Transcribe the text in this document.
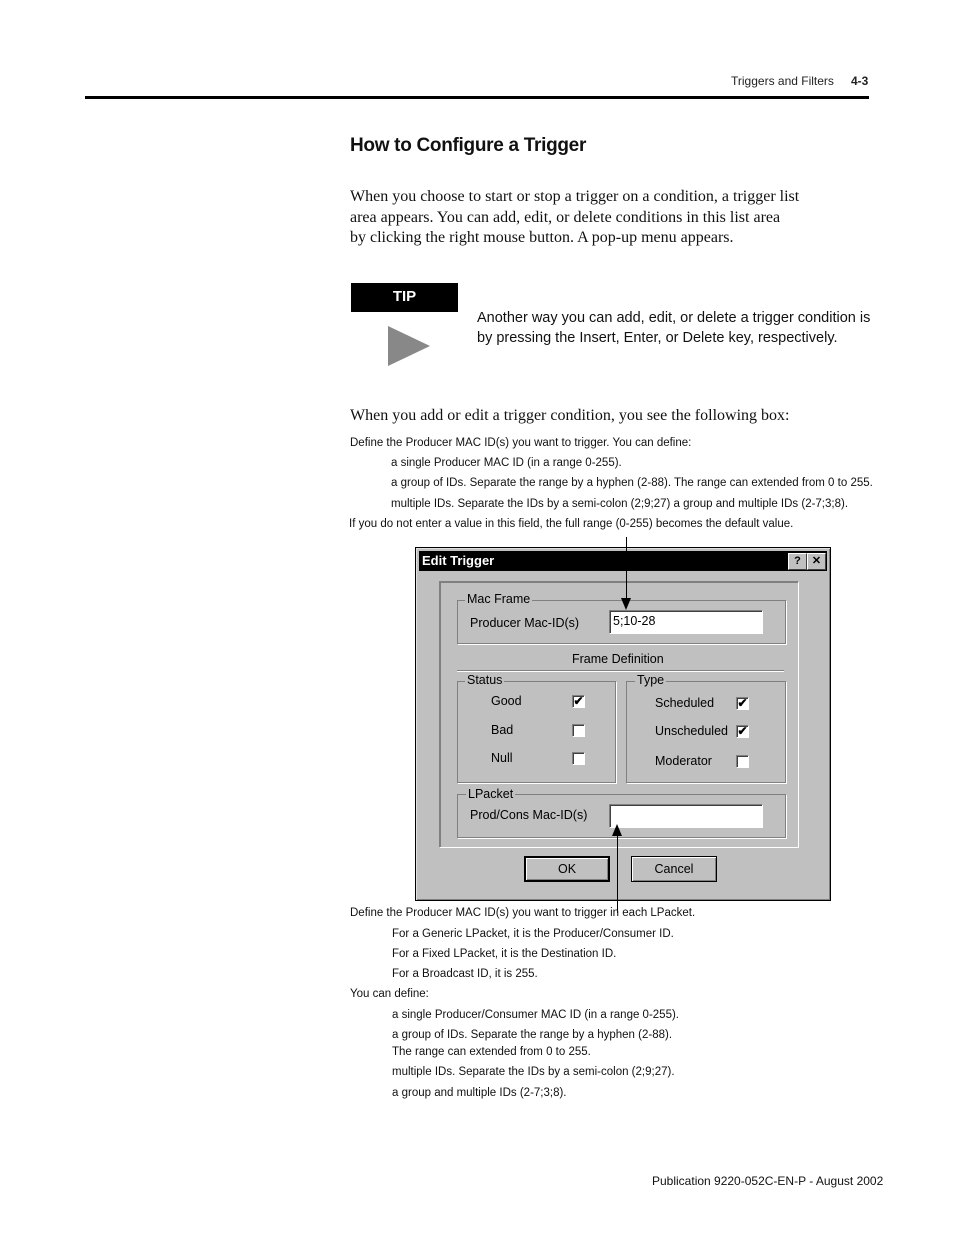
Triggers and Filters 4-3
How to Configure a Trigger
When you choose to start or stop a trigger on a condition, a trigger list
area appears. You can add, edit, or delete conditions in this list area
by clicking the right mouse button. A pop-up menu appears.
TIP
Another way you can add, edit, or delete a trigger condition is
by pressing the Insert, Enter, or Delete key, respectively.
When you add or edit a trigger condition, you see the following box:
Define the Producer MAC ID(s) you want to trigger. You can define:
a single Producer MAC ID (in a range 0-255).
a group of IDs. Separate the range by a hyphen (2-88). The range can extended from 0 to 255.
multiple IDs. Separate the IDs by a semi-colon (2;9;27) a group and multiple IDs (2-7;3;8).
If you do not enter a value in this field, the full range (0-255) becomes the default value.
Edit Trigger	?	✕
Mac Frame
Producer Mac-ID(s)	5;10-28
Frame Definition
Status
Good	✔
Bad
Null
Type
Scheduled ✔
Unscheduled ✔
Moderator
LPacket
Prod/Cons Mac-ID(s)
OK	Cancel
Define the Producer MAC ID(s) you want to trigger in each LPacket.
For a Generic LPacket, it is the Producer/Consumer ID.
For a Fixed LPacket, it is the Destination ID.
For a Broadcast ID, it is 255.
You can define:
a single Producer/Consumer MAC ID (in a range 0-255).
a group of IDs. Separate the range by a hyphen (2-88).
The range can extended from 0 to 255.
multiple IDs. Separate the IDs by a semi-colon (2;9;27).
a group and multiple IDs (2-7;3;8).
Publication 9220-052C-EN-P - August 2002
